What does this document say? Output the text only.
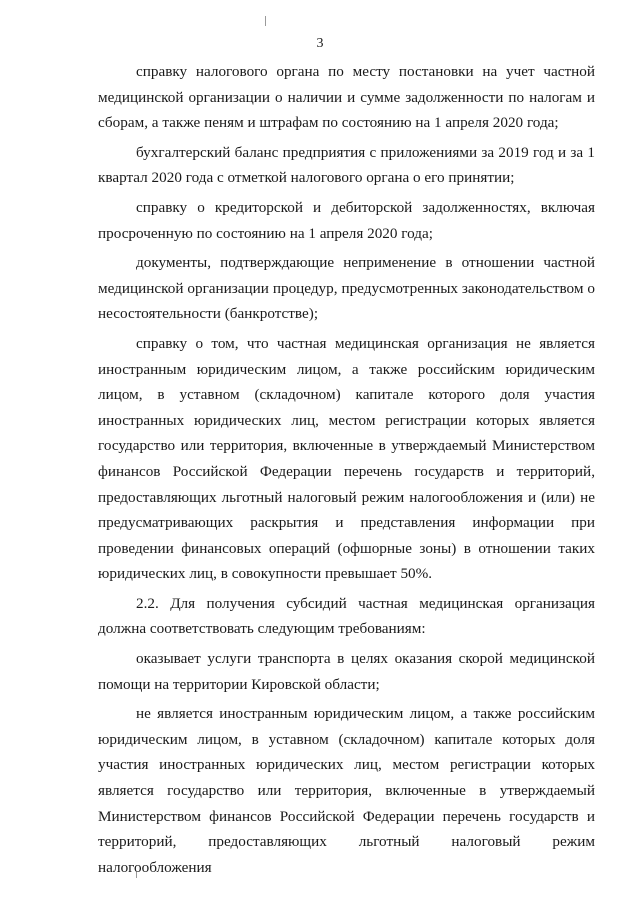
3

справку налогового органа по месту постановки на учет частной медицинской организации о наличии и сумме задолженности по налогам и сборам, а также пеням и штрафам по состоянию на 1 апреля 2020 года;

бухгалтерский баланс предприятия с приложениями за 2019 год и за 1 квартал 2020 года с отметкой налогового органа о его принятии;

справку о кредиторской и дебиторской задолженностях, включая просроченную по состоянию на 1 апреля 2020 года;

документы, подтверждающие неприменение в отношении частной медицинской организации процедур, предусмотренных законодательством о несостоятельности (банкротстве);

справку о том, что частная медицинская организация не является иностранным юридическим лицом, а также российским юридическим лицом, в уставном (складочном) капитале которого доля участия иностранных юридических лиц, местом регистрации которых является государство или территория, включенные в утверждаемый Министерством финансов Российской Федерации перечень государств и территорий, предоставляющих льготный налоговый режим налогообложения и (или) не предусматривающих раскрытия и представления информации при проведении финансовых операций (офшорные зоны) в отношении таких юридических лиц, в совокупности превышает 50%.

2.2. Для получения субсидий частная медицинская организация должна соответствовать следующим требованиям:

оказывает услуги транспорта в целях оказания скорой медицинской помощи на территории Кировской области;

не является иностранным юридическим лицом, а также российским юридическим лицом, в уставном (складочном) капитале которых доля участия иностранных юридических лиц, местом регистрации которых является государство или территория, включенные в утверждаемый Министерством финансов Российской Федерации перечень государств и территорий, предоставляющих льготный налоговый режим налогообложения
